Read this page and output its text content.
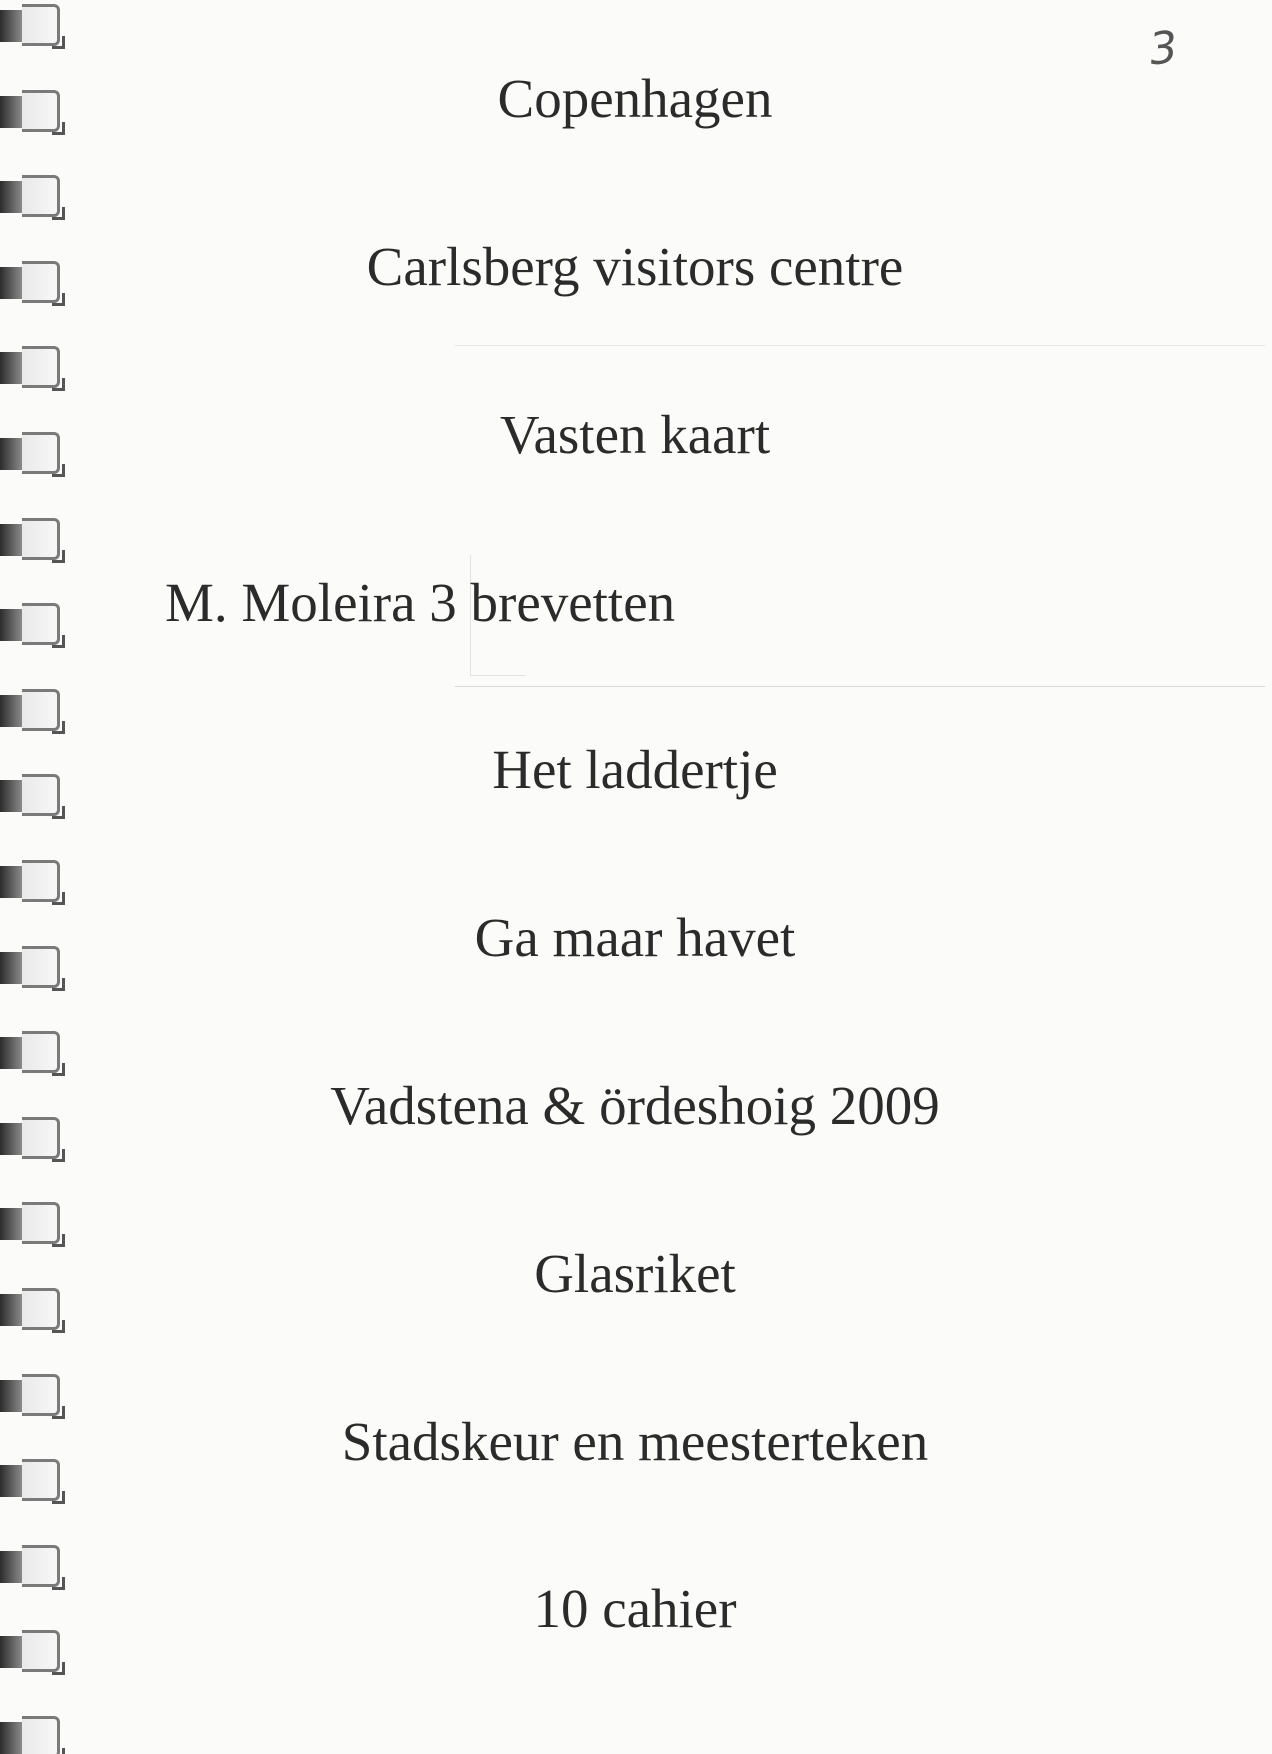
3
Copenhagen
Carlsberg visitors centre
Vasten kaart
M. Moleira 3 brevetten
Het laddertje
Ga maar havet
Vadstena & ördeshoig 2009
Glasriket
Stadskeur en meesterteken
10 cahier
